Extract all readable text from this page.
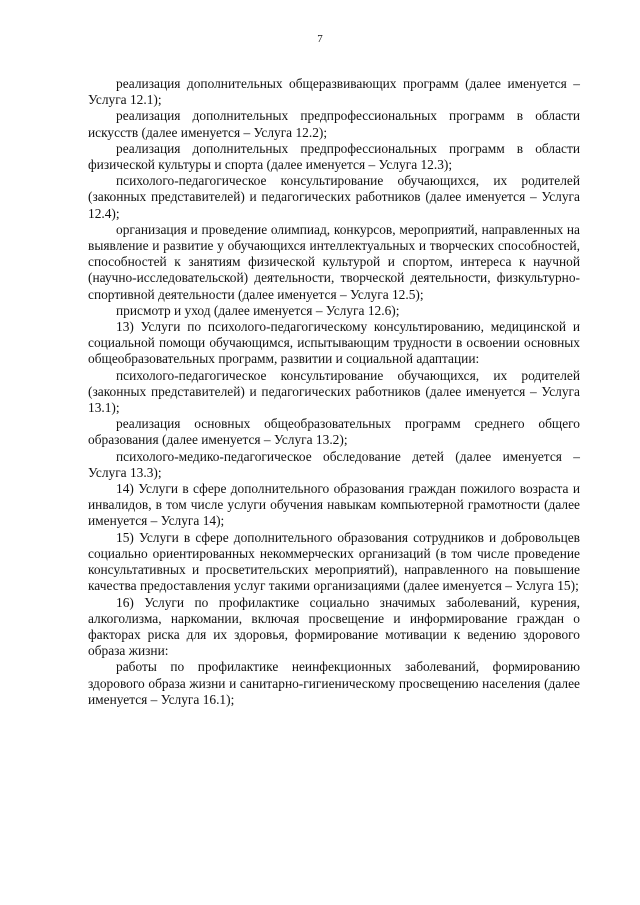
7

реализация дополнительных общеразвивающих программ (далее именуется – Услуга 12.1);

реализация дополнительных предпрофессиональных программ в области искусств (далее именуется – Услуга 12.2);

реализация дополнительных предпрофессиональных программ в области физической культуры и спорта (далее именуется – Услуга 12.3);

психолого-педагогическое консультирование обучающихся, их родителей (законных представителей) и педагогических работников (далее именуется – Услуга 12.4);

организация и проведение олимпиад, конкурсов, мероприятий, направленных на выявление и развитие у обучающихся интеллектуальных и творческих способностей, способностей к занятиям физической культурой и спортом, интереса к научной (научно-исследовательской) деятельности, творческой деятельности, физкультурно-спортивной деятельности (далее именуется – Услуга 12.5);

присмотр и уход (далее именуется – Услуга 12.6);

13) Услуги по психолого-педагогическому консультированию, медицинской и социальной помощи обучающимся, испытывающим трудности в освоении основных общеобразовательных программ, развитии и социальной адаптации:

психолого-педагогическое консультирование обучающихся, их родителей (законных представителей) и педагогических работников (далее именуется – Услуга 13.1);

реализация основных общеобразовательных программ среднего общего образования (далее именуется – Услуга 13.2);

психолого-медико-педагогическое обследование детей (далее именуется – Услуга 13.3);

14) Услуги в сфере дополнительного образования граждан пожилого возраста и инвалидов, в том числе услуги обучения навыкам компьютерной грамотности (далее именуется – Услуга 14);

15) Услуги в сфере дополнительного образования сотрудников и добровольцев социально ориентированных некоммерческих организаций (в том числе проведение консультативных и просветительских мероприятий), направленного на повышение качества предоставления услуг такими организациями (далее именуется – Услуга 15);

16) Услуги по профилактике социально значимых заболеваний, курения, алкоголизма, наркомании, включая просвещение и информирование граждан о факторах риска для их здоровья, формирование мотивации к ведению здорового образа жизни:

работы по профилактике неинфекционных заболеваний, формированию здорового образа жизни и санитарно-гигиеническому просвещению населения (далее именуется – Услуга 16.1);
